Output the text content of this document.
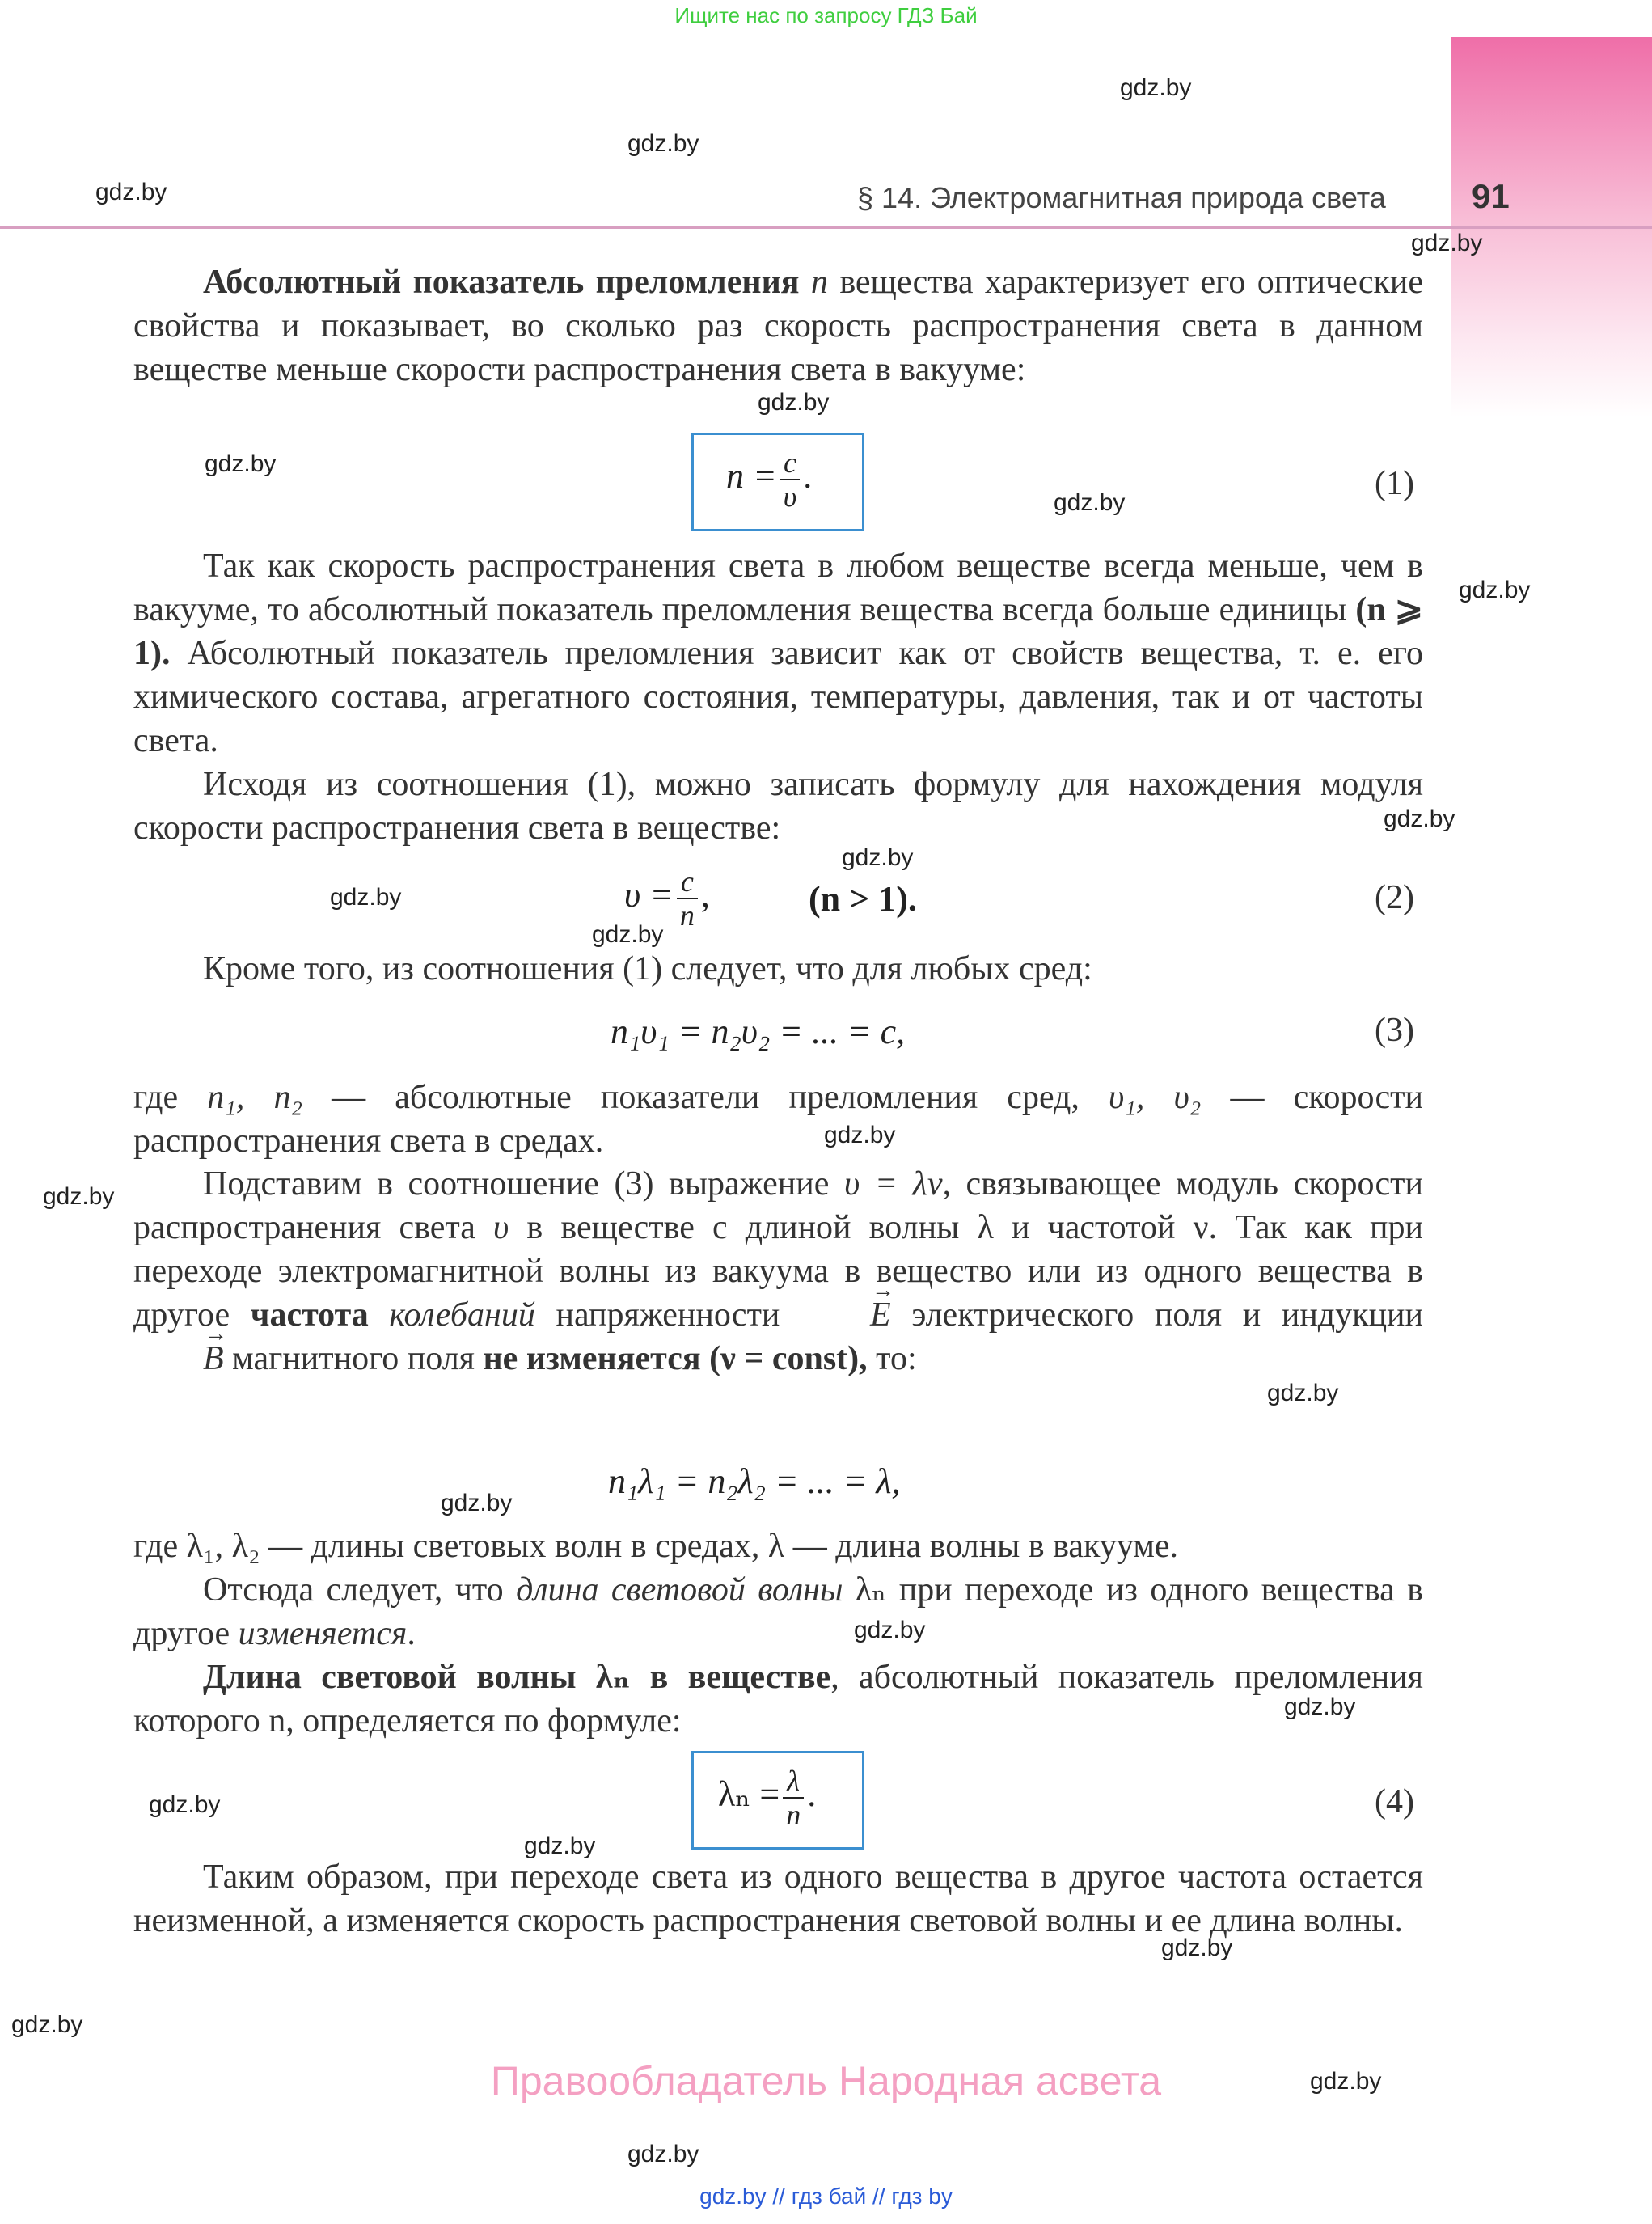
Ищите нас по запросу ГДЗ Бай
§ 14. Электромагнитная природа света	91
gdz.by
gdz.by
gdz.by
gdz.by
gdz.by
gdz.by
gdz.by
gdz.by
gdz.by
gdz.by
gdz.by
gdz.by
gdz.by
gdz.by
gdz.by
gdz.by
gdz.by
gdz.by
gdz.by
gdz.by
gdz.by
gdz.by
gdz.by
gdz.by
Абсолютный показатель преломления n вещества характеризует его оптические свойства и показывает, во сколько раз скорость распространения света в данном веществе меньше скорости распространения света в вакууме:
$n = \frac{c}{\upsilon}$ .	(1)
Так как скорость распространения света в любом веществе всегда меньше, чем в вакууме, то абсолютный показатель преломления вещества всегда больше единицы (n ⩾ 1). Абсолютный показатель преломления зависит как от свойств вещества, т. е. его химического состава, агрегатного состояния, температуры, давления, так и от частоты света.
Исходя из соотношения (1), можно записать формулу для нахождения модуля скорости распространения света в веществе:
$\upsilon = \frac{c}{n}$ ,	(n > 1).	(2)
Кроме того, из соотношения (1) следует, что для любых сред:
n₁υ₁ = n₂υ₂ = ... = c,	(3)
где n₁, n₂ — абсолютные показатели преломления сред, υ₁, υ₂ — скорости распространения света в средах.
Подставим в соотношение (3) выражение υ = λν, связывающее модуль скорости распространения света υ в веществе с длиной волны λ и частотой ν. Так как при переходе электромагнитной волны из вакуума в вещество или из одного вещества в другое частота колебаний напряженности → E электрического поля и индукции → B магнитного поля не изменяется (ν = const), то:
n₁λ₁ = n₂λ₂ = ... = λ,
где λ₁, λ₂ — длины световых волн в средах, λ — длина волны в вакууме.
Отсюда следует, что длина световой волны λₙ при переходе из одного вещества в другое изменяется.
Длина световой волны λₙ в веществе, абсолютный показатель преломления которого n, определяется по формуле:
$\lambda_n = \frac{\lambda}{n}$ .	(4)
Таким образом, при переходе света из одного вещества в другое частота остается неизменной, а изменяется скорость распространения световой волны и ее длина волны.
Правообладатель Народная асвета
gdz.by // гдз бай // гдз by
